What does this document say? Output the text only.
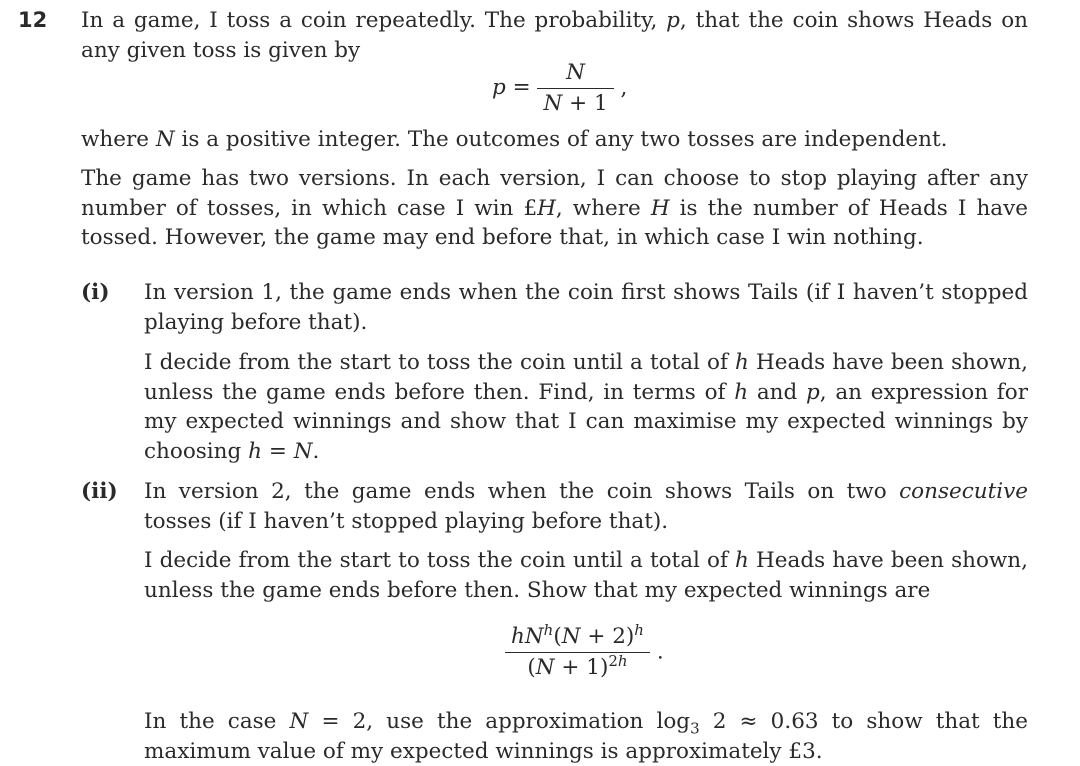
12 In a game, I toss a coin repeatedly. The probability, p, that the coin shows Heads on any given toss is given by
$p = \frac{N}{N + 1}$ ,
where N is a positive integer. The outcomes of any two tosses are independent.
The game has two versions. In each version, I can choose to stop playing after any number of tosses, in which case I win £H, where H is the number of Heads I have tossed. However, the game may end before that, in which case I win nothing.
(i) In version 1, the game ends when the coin first shows Tails (if I haven’t stopped playing before that).
I decide from the start to toss the coin until a total of h Heads have been shown, unless the game ends before then. Find, in terms of h and p, an expression for my expected winnings and show that I can maximise my expected winnings by choosing h = N.
(ii) In version 2, the game ends when the coin shows Tails on two consecutive tosses (if I haven’t stopped playing before that).
I decide from the start to toss the coin until a total of h Heads have been shown, unless the game ends before then. Show that my expected winnings are
$\frac{hN^h(N + 2)^h}{(N + 1)^{2h}}$ .
In the case N = 2, use the approximation $\log_3 2 \approx 0.63$ to show that the maximum value of my expected winnings is approximately £3.
